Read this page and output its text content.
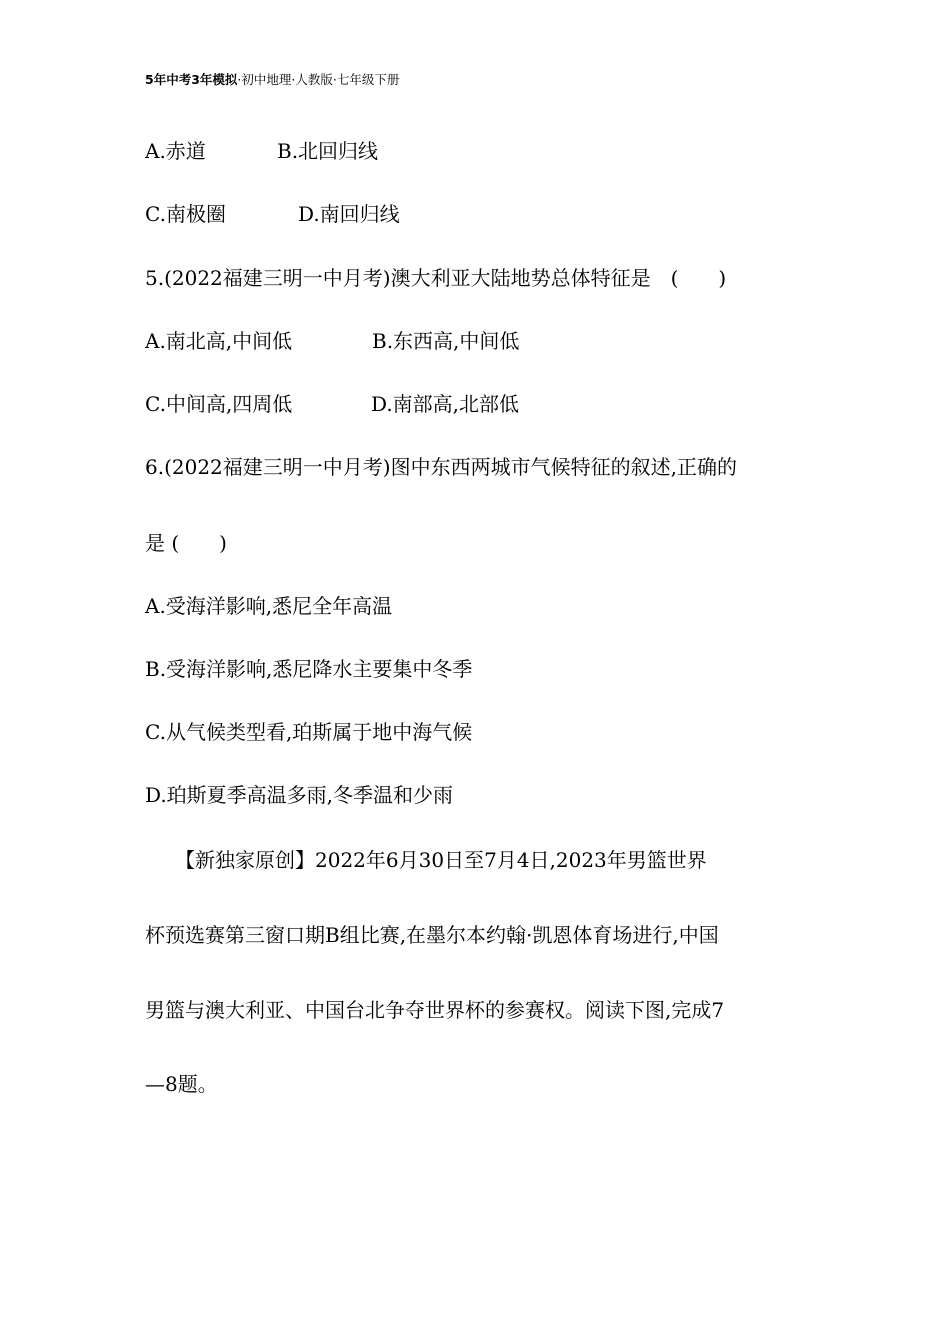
5年中考3年模拟·初中地理·人教版·七年级下册
A.赤道	B.北回归线
C.南极圈	D.南回归线
5.(2022福建三明一中月考)澳大利亚大陆地势总体特征是　(　　)
A.南北高,中间低	B.东西高,中间低
C.中间高,四周低	D.南部高,北部低
6.(2022福建三明一中月考)图中东西两城市气候特征的叙述,正确的
是 (　　)
A.受海洋影响,悉尼全年高温
B.受海洋影响,悉尼降水主要集中冬季
C.从气候类型看,珀斯属于地中海气候
D.珀斯夏季高温多雨,冬季温和少雨
　　【新独家原创】2022年6月30日至7月4日,2023年男篮世界
杯预选赛第三窗口期B组比赛,在墨尔本约翰·凯恩体育场进行,中国
男篮与澳大利亚、中国台北争夺世界杯的参赛权。阅读下图,完成7
—8题。
